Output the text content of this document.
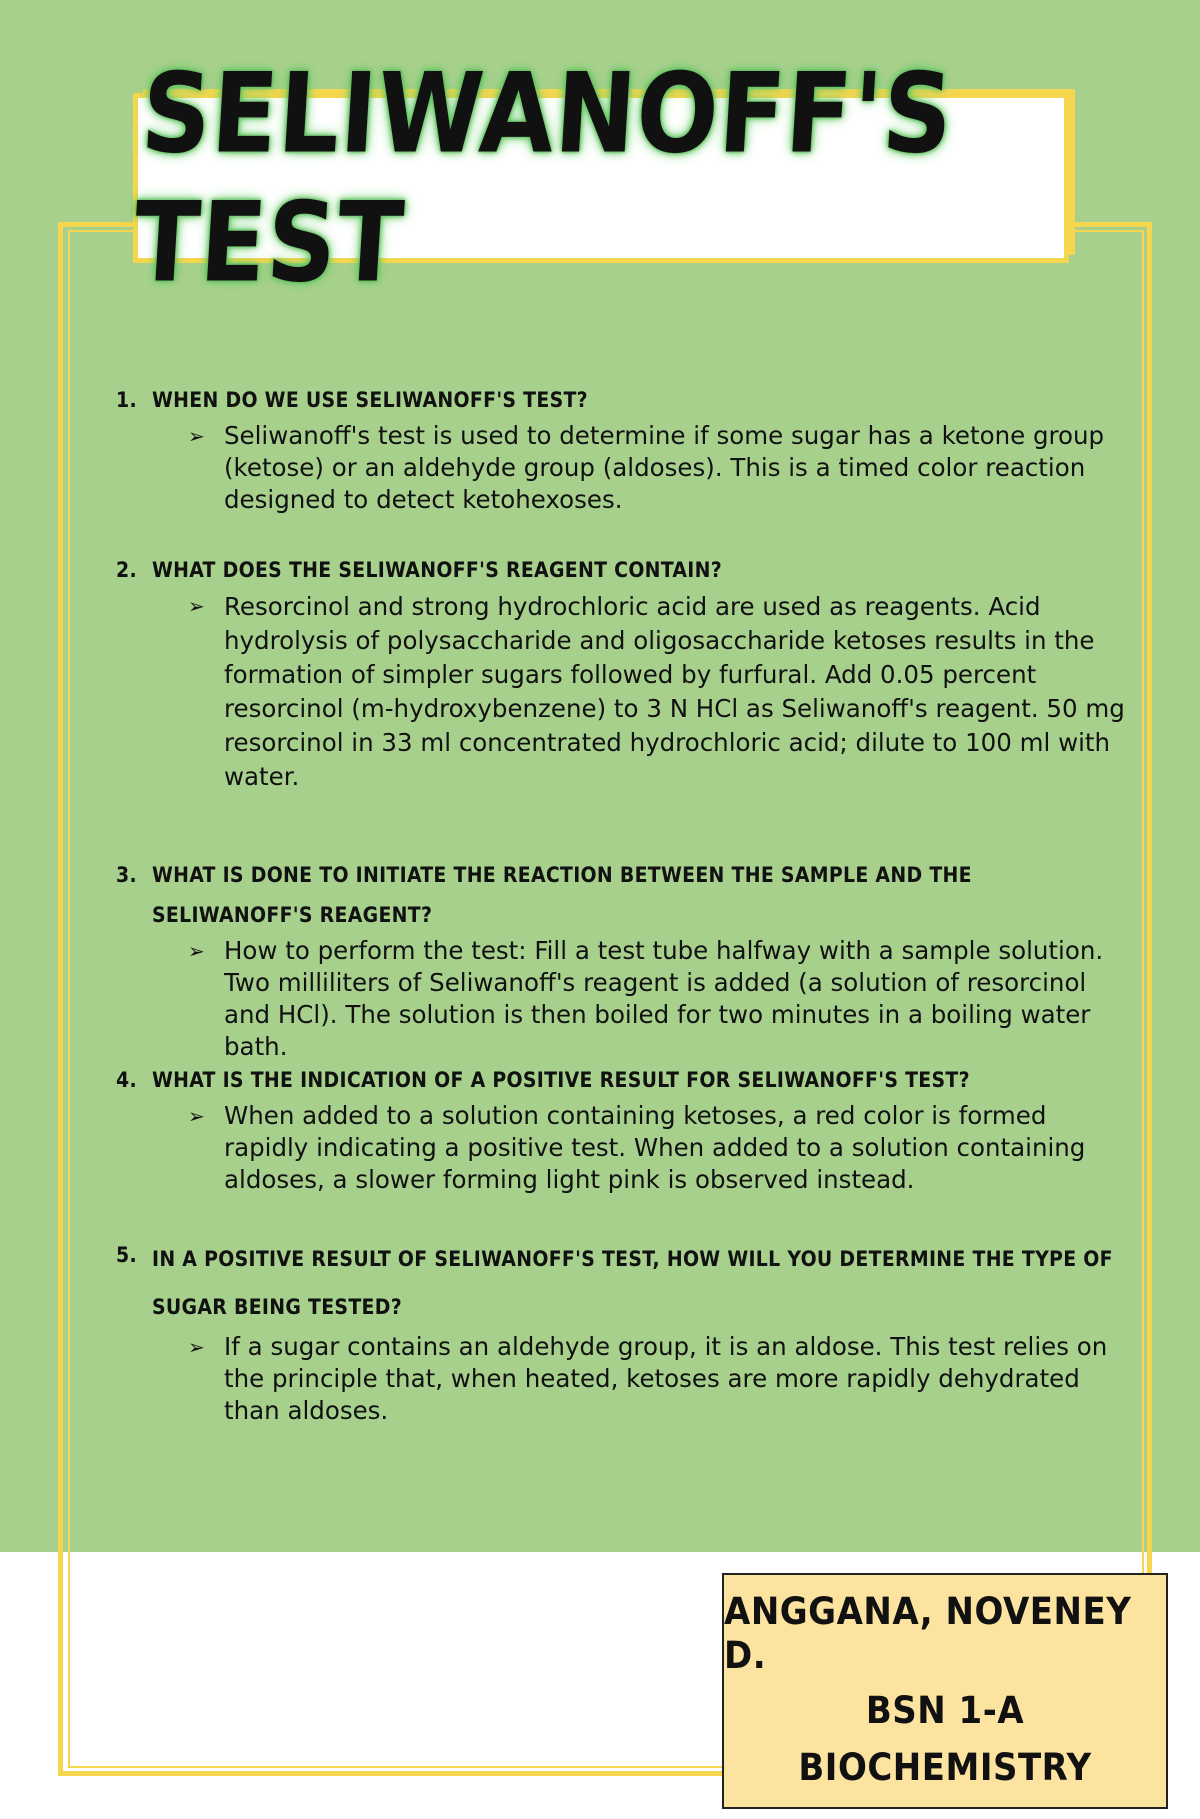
SELIWANOFF'S TEST
1. WHEN DO WE USE SELIWANOFF'S TEST?
➢ Seliwanoff's test is used to determine if some sugar has a ketone group (ketose) or an aldehyde group (aldoses). This is a timed color reaction designed to detect ketohexoses.
2. WHAT DOES THE SELIWANOFF'S REAGENT CONTAIN?
➢ Resorcinol and strong hydrochloric acid are used as reagents. Acid hydrolysis of polysaccharide and oligosaccharide ketoses results in the formation of simpler sugars followed by furfural. Add 0.05 percent resorcinol (m-hydroxybenzene) to 3 N HCl as Seliwanoff's reagent. 50 mg resorcinol in 33 ml concentrated hydrochloric acid; dilute to 100 ml with water.
3. WHAT IS DONE TO INITIATE THE REACTION BETWEEN THE SAMPLE AND THE SELIWANOFF'S REAGENT?
➢ How to perform the test: Fill a test tube halfway with a sample solution. Two milliliters of Seliwanoff's reagent is added (a solution of resorcinol and HCl). The solution is then boiled for two minutes in a boiling water bath.
4. WHAT IS THE INDICATION OF A POSITIVE RESULT FOR SELIWANOFF'S TEST?
➢ When added to a solution containing ketoses, a red color is formed rapidly indicating a positive test. When added to a solution containing aldoses, a slower forming light pink is observed instead.
5. IN A POSITIVE RESULT OF SELIWANOFF'S TEST, HOW WILL YOU DETERMINE THE TYPE OF SUGAR BEING TESTED?
➢ If a sugar contains an aldehyde group, it is an aldose. This test relies on the principle that, when heated, ketoses are more rapidly dehydrated than aldoses.
ANGGANA, NOVENEY D.
BSN 1-A
BIOCHEMISTRY
